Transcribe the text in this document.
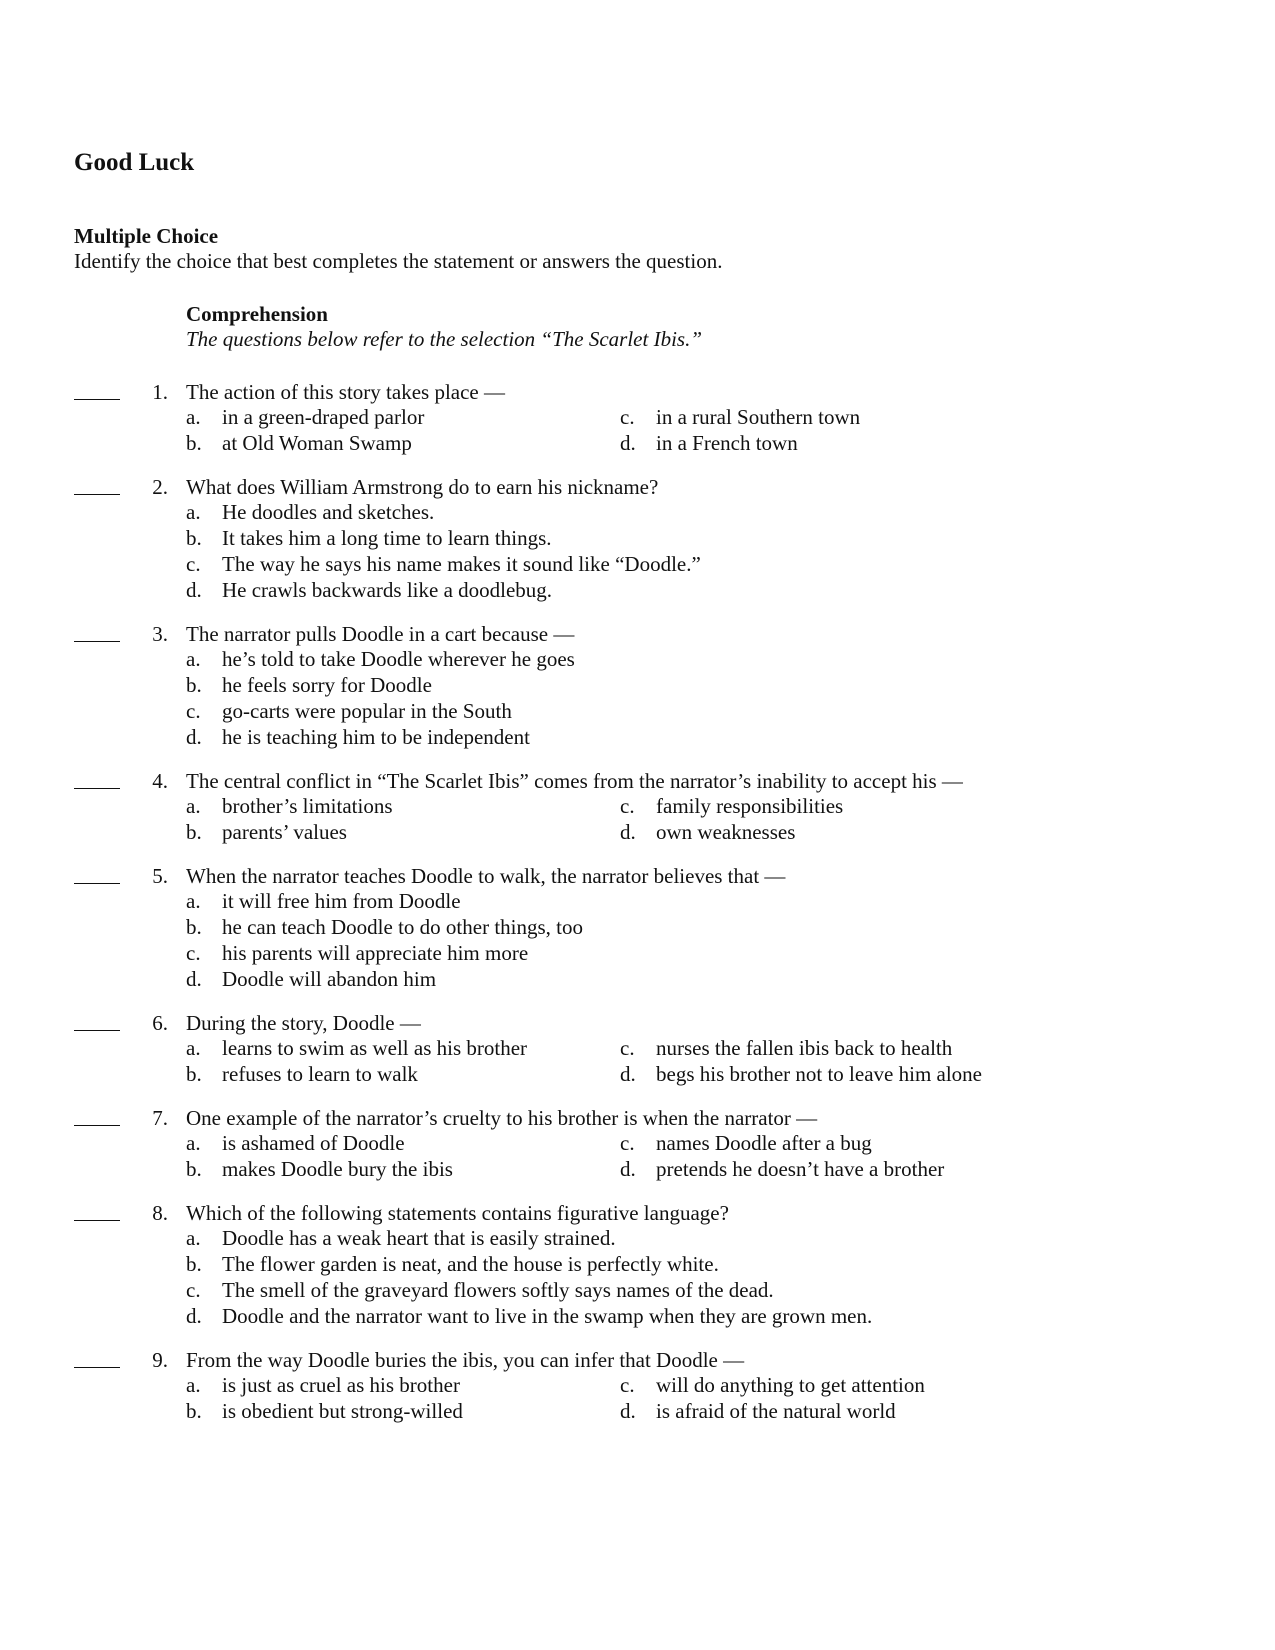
Good Luck
Multiple Choice
Identify the choice that best completes the statement or answers the question.
Comprehension
The questions below refer to the selection “The Scarlet Ibis.”
1. The action of this story takes place —
a. in a green-draped parlor
b. at Old Woman Swamp
c. in a rural Southern town
d. in a French town
2. What does William Armstrong do to earn his nickname?
a. He doodles and sketches.
b. It takes him a long time to learn things.
c. The way he says his name makes it sound like “Doodle.”
d. He crawls backwards like a doodlebug.
3. The narrator pulls Doodle in a cart because —
a. he’s told to take Doodle wherever he goes
b. he feels sorry for Doodle
c. go-carts were popular in the South
d. he is teaching him to be independent
4. The central conflict in “The Scarlet Ibis” comes from the narrator’s inability to accept his —
a. brother’s limitations
b. parents’ values
c. family responsibilities
d. own weaknesses
5. When the narrator teaches Doodle to walk, the narrator believes that —
a. it will free him from Doodle
b. he can teach Doodle to do other things, too
c. his parents will appreciate him more
d. Doodle will abandon him
6. During the story, Doodle —
a. learns to swim as well as his brother
b. refuses to learn to walk
c. nurses the fallen ibis back to health
d. begs his brother not to leave him alone
7. One example of the narrator’s cruelty to his brother is when the narrator —
a. is ashamed of Doodle
b. makes Doodle bury the ibis
c. names Doodle after a bug
d. pretends he doesn’t have a brother
8. Which of the following statements contains figurative language?
a. Doodle has a weak heart that is easily strained.
b. The flower garden is neat, and the house is perfectly white.
c. The smell of the graveyard flowers softly says names of the dead.
d. Doodle and the narrator want to live in the swamp when they are grown men.
9. From the way Doodle buries the ibis, you can infer that Doodle —
a. is just as cruel as his brother
b. is obedient but strong-willed
c. will do anything to get attention
d. is afraid of the natural world
